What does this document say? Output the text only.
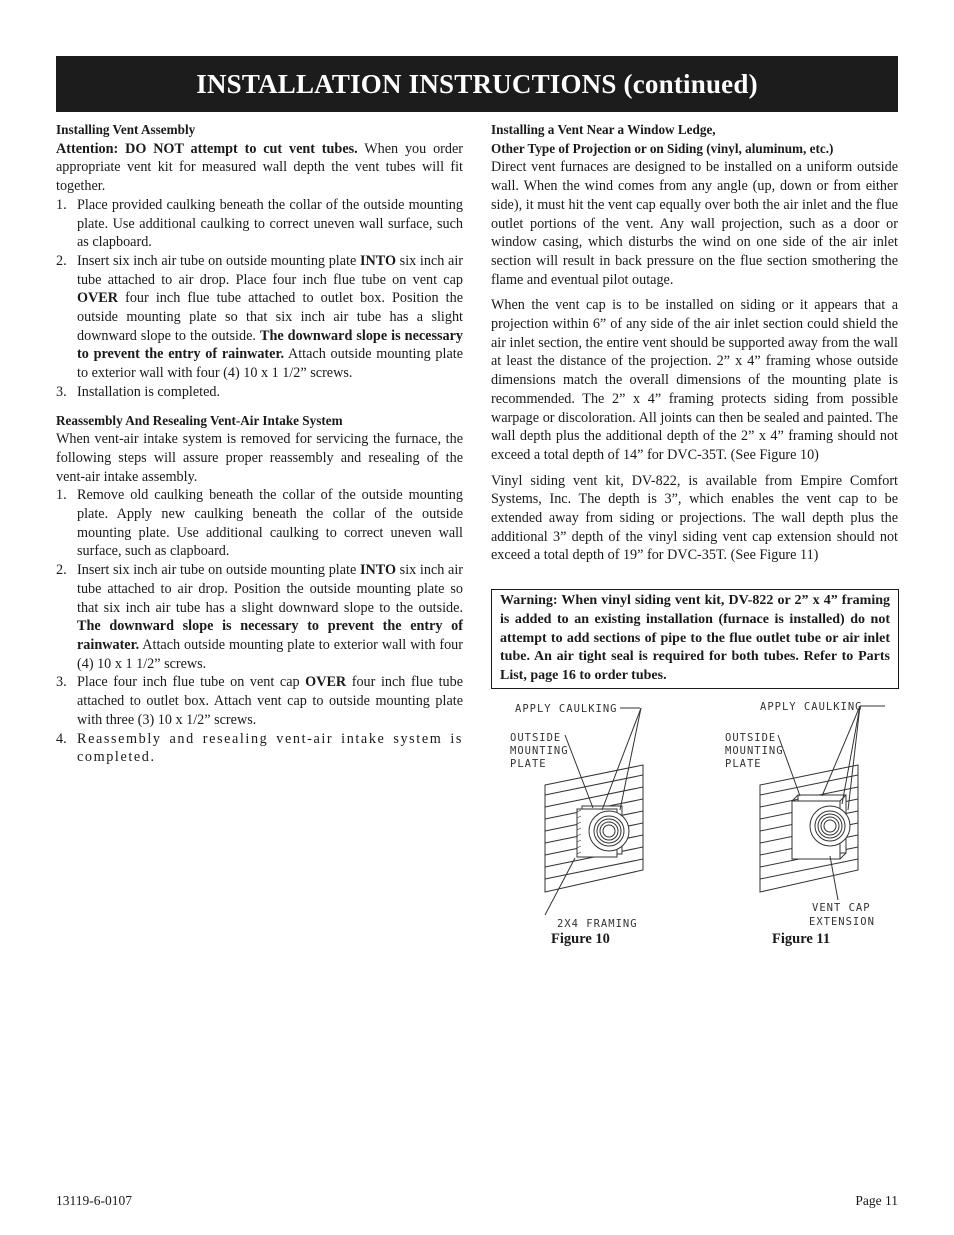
INSTALLATION INSTRUCTIONS (continued)
Installing Vent Assembly

Attention: DO NOT attempt to cut vent tubes. When you order appropriate vent kit for measured wall depth the vent tubes will fit together.

1. Place provided caulking beneath the collar of the outside mounting plate. Use additional caulking to correct uneven wall surface, such as clapboard.
2. Insert six inch air tube on outside mounting plate INTO six inch air tube attached to air drop. Place four inch flue tube on vent cap OVER four inch flue tube attached to outlet box. Position the outside mounting plate so that six inch air tube has a slight downward slope to the outside. The downward slope is necessary to prevent the entry of rainwater. Attach outside mounting plate to exterior wall with four (4) 10 x 1 1/2” screws.
3. Installation is completed.
Reassembly And Resealing Vent-Air Intake System

When vent-air intake system is removed for servicing the furnace, the following steps will assure proper reassembly and resealing of the vent-air intake assembly.

1. Remove old caulking beneath the collar of the outside mounting plate. Apply new caulking beneath the collar of the outside mounting plate. Use additional caulking to correct uneven wall surface, such as clapboard.
2. Insert six inch air tube on outside mounting plate INTO six inch air tube attached to air drop. Position the outside mounting plate so that six inch air tube has a slight downward slope to the outside. The downward slope is necessary to prevent the entry of rainwater. Attach outside mounting plate to exterior wall with four (4) 10 x 1 1/2” screws.
3. Place four inch flue tube on vent cap OVER four inch flue tube attached to outlet box. Attach vent cap to outside mounting plate with three (3) 10 x 1/2” screws.
4. Reassembly and resealing vent-air intake system is completed.
Installing a Vent Near a Window Ledge,
Other Type of Projection or on Siding (vinyl, aluminum, etc.)

Direct vent furnaces are designed to be installed on a uniform outside wall. When the wind comes from any angle (up, down or from either side), it must hit the vent cap equally over both the air inlet and the flue outlet portions of the vent. Any wall projection, such as a door or window casing, which disturbs the wind on one side of the air inlet section will result in back pressure on the flue section smothering the flame and eventual pilot outage.

When the vent cap is to be installed on siding or it appears that a projection within 6” of any side of the air inlet section could shield the air inlet section, the entire vent should be supported away from the wall at least the distance of the projection. 2” x 4” framing whose outside dimensions match the overall dimensions of the mounting plate is recommended. The 2” x 4” framing protects siding from possible warpage or discoloration. All joints can then be sealed and painted. The wall depth plus the additional depth of the 2” x 4” framing should not exceed a total depth of 14” for DVC-35T. (See Figure 10)

Vinyl siding vent kit, DV-822, is available from Empire Comfort Systems, Inc. The depth is 3”, which enables the vent cap to be extended away from siding or projections. The wall depth plus the additional 3” depth of the vinyl siding vent cap extension should not exceed a total depth of 19” for DVC-35T. (See Figure 11)

Warning: When vinyl siding vent kit, DV-822 or 2” x 4” framing is added to an existing installation (furnace is installed) do not attempt to add sections of pipe to the flue outlet tube or air inlet tube. An air tight seal is required for both tubes. Refer to Parts List, page 16 to order tubes.
APPLY CAULKING
OUTSIDE
MOUNTING
PLATE
2X4 FRAMING
Figure 10
APPLY CAULKING
OUTSIDE
MOUNTING
PLATE
VENT CAP
EXTENSION
Figure 11
13119-6-0107	Page 11
